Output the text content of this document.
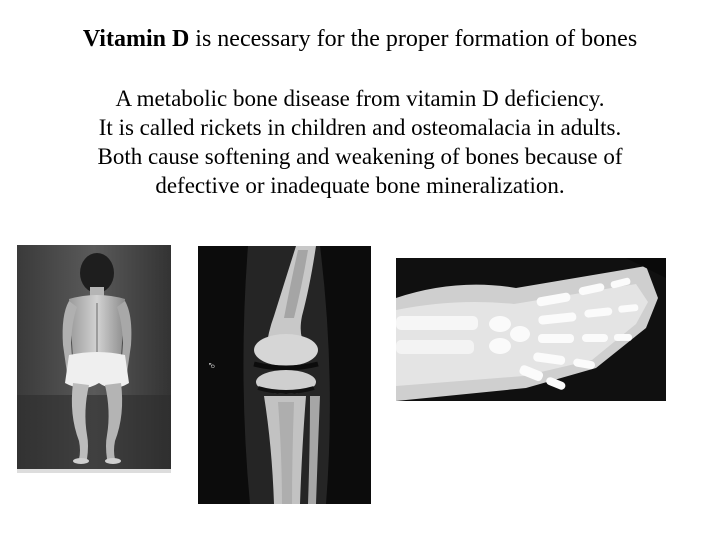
Vitamin D is necessary for the proper formation of bones
A metabolic bone disease from vitamin D deficiency.
It is called rickets in children and osteomalacia in adults.
Both cause softening and weakening of bones because of
defective or inadequate bone mineralization.
♂
